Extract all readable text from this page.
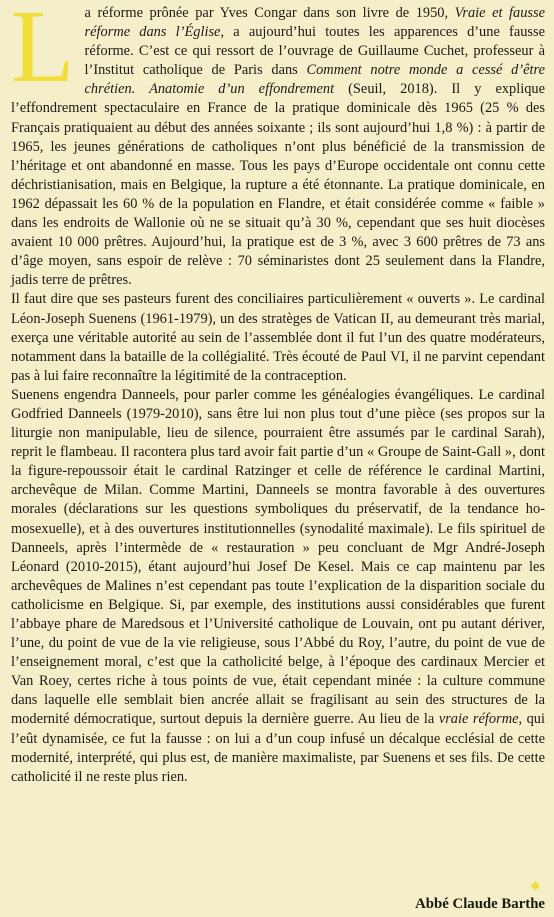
L a réforme prônée par Yves Congar dans son livre de 1950, Vraie et fausse réforme dans l’Église, a aujourd’hui toutes les apparences d’une fausse réforme. C’est ce qui ressort de l’ouvrage de Guillaume Cuchet, professeur à l’Institut catholique de Paris dans Comment notre monde a cessé d’être chrétien. Anatomie d’un effondrement (Seuil, 2018). Il y explique l’effondrement spectaculaire en France de la pratique dominicale dès 1965 (25 % des Français pratiquaient au début des années soixante ; ils sont aujourd’hui 1,8 %) : à partir de 1965, les jeunes générations de catholiques n’ont plus bénéficié de la transmission de l’héritage et ont abandonné en masse. Tous les pays d’Europe occidentale ont connu cette déchristianisation, mais en Belgique, la rupture a été étonnante. La pratique dominicale, en 1962 dépassait les 60 % de la population en Flandre, et était considérée comme « faible » dans les endroits de Wallonie où ne se situait qu’à 30 %, cependant que ses huit diocèses avaient 10 000 prêtres. Aujourd’hui, la pratique est de 3 %, avec 3 600 prêtres de 73 ans d’âge moyen, sans espoir de relève : 70 séminaristes dont 25 seulement dans la Flandre, jadis terre de prêtres.

Il faut dire que ses pasteurs furent des conciliaires particulièrement « ouverts ». Le cardinal Léon-Joseph Suenens (1961-1979), un des stratèges de Vatican II, au demeurant très marial, exerça une véritable autorité au sein de l’assemblée dont il fut l’un des quatre modérateurs, notamment dans la bataille de la collégialité. Très écouté de Paul VI, il ne parvint cependant pas à lui faire reconnaître la légitimité de la contraception.

Suenens engendra Danneels, pour parler comme les généalogies évangéliques. Le cardinal Godfried Danneels (1979-2010), sans être lui non plus tout d’une pièce (ses propos sur la liturgie non manipulable, lieu de silence, pourraient être assumés par le cardinal Sarah), reprit le flambeau. Il racontera plus tard avoir fait partie d’un « Groupe de Saint-Gall », dont la figure-repoussoir était le cardinal Ratzinger et celle de référence le cardinal Martini, archevêque de Milan. Comme Martini, Danneels se montra favorable à des ouvertures morales (déclarations sur les questions symboliques du préservatif, de la tendance homosexuelle), et à des ouvertures institutionnelles (synodalité maximale). Le fils spirituel de Danneels, après l’intermède de « restauration » peu concluant de Mgr André-Joseph Léonard (2010-2015), étant aujourd’hui Josef De Kesel. Mais ce cap maintenu par les archevêques de Malines n’est cependant pas toute l’explication de la disparition sociale du catholicisme en Belgique. Si, par exemple, des institutions aussi considérables que furent l’abbaye phare de Maredsous et l’Université catholique de Louvain, ont pu autant dériver, l’une, du point de vue de la vie religieuse, sous l’Abbé du Roy, l’autre, du point de vue de l’enseignement moral, c’est que la catholicité belge, à l’époque des cardinaux Mercier et Van Roey, certes riche à tous points de vue, était cependant minée : la culture commune dans laquelle elle semblait bien ancrée allait se fragilisant au sein des structures de la modernité démocratique, surtout depuis la dernière guerre. Au lieu de la vraie réforme, qui l’eût dynamisée, ce fut la fausse : on lui a d’un coup infusé un décalque ecclésial de cette modernité, interprété, qui plus est, de manière maximaliste, par Suenens et ses fils. De cette catholicité il ne reste plus rien.

◆
Abbé Claude Barthe
